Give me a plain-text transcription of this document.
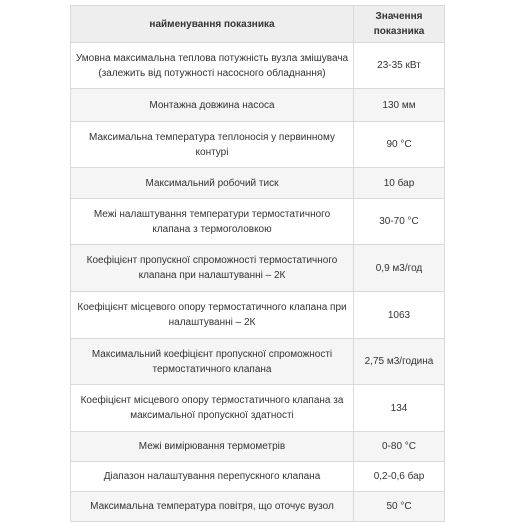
найменування показника	Значення показника
Умовна максимальна теплова потужність вузла змішувача (залежить від потужності насосного обладнання)	23-35 кВт
Монтажна довжина насоса	130 мм
Максимальна температура теплоносія у первинному контурі	90 °С
Максимальний робочий тиск	10 бар
Межі налаштування температури термостатичного клапана з термоголовкою	30-70 °С
Коефіцієнт пропускної спроможності термостатичного клапана при налаштуванні – 2К	0,9 м3/год
Коефіцієнт місцевого опору термостатичного клапана при налаштуванні – 2К	1063
Максимальний коефіцієнт пропускної спроможності термостатичного клапана	2,75 м3/година
Коефіцієнт місцевого опору термостатичного клапана за максимальної пропускної здатності	134
Межі вимірювання термометрів	0-80 °С
Діапазон налаштування перепускного клапана	0,2-0,6 бар
Максимальна температура повітря, що оточує вузол	50 °С
